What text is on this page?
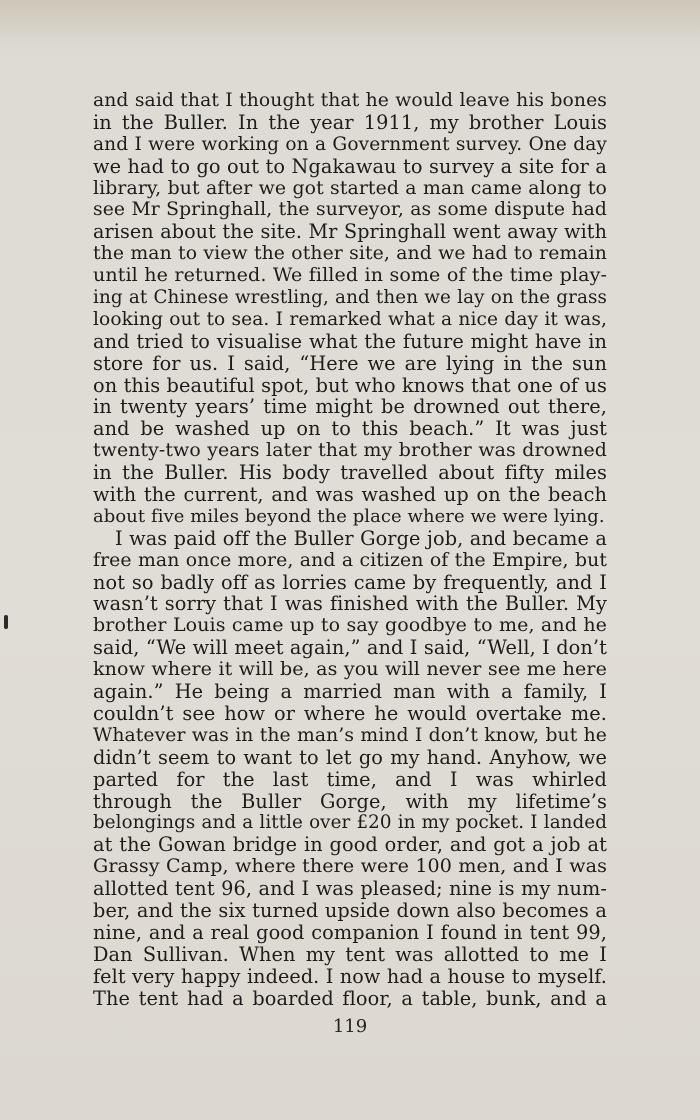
and said that I thought that he would leave his bones
in the Buller. In the year 1911, my brother Louis
and I were working on a Government survey. One day
we had to go out to Ngakawau to survey a site for a
library, but after we got started a man came along to
see Mr Springhall, the surveyor, as some dispute had
arisen about the site. Mr Springhall went away with
the man to view the other site, and we had to remain
until he returned. We filled in some of the time play-
ing at Chinese wrestling, and then we lay on the grass
looking out to sea. I remarked what a nice day it was,
and tried to visualise what the future might have in
store for us. I said, “Here we are lying in the sun
on this beautiful spot, but who knows that one of us
in twenty years’ time might be drowned out there,
and be washed up on to this beach.” It was just
twenty-two years later that my brother was drowned
in the Buller. His body travelled about fifty miles
with the current, and was washed up on the beach
about five miles beyond the place where we were lying.
I was paid off the Buller Gorge job, and became a
free man once more, and a citizen of the Empire, but
not so badly off as lorries came by frequently, and I
wasn’t sorry that I was finished with the Buller. My
brother Louis came up to say goodbye to me, and he
said, “We will meet again,” and I said, “Well, I don’t
know where it will be, as you will never see me here
again.” He being a married man with a family, I
couldn’t see how or where he would overtake me.
Whatever was in the man’s mind I don’t know, but he
didn’t seem to want to let go my hand. Anyhow, we
parted for the last time, and I was whirled
through the Buller Gorge, with my lifetime’s
belongings and a little over £20 in my pocket. I landed
at the Gowan bridge in good order, and got a job at
Grassy Camp, where there were 100 men, and I was
allotted tent 96, and I was pleased; nine is my num-
ber, and the six turned upside down also becomes a
nine, and a real good companion I found in tent 99,
Dan Sullivan. When my tent was allotted to me I
felt very happy indeed. I now had a house to myself.
The tent had a boarded floor, a table, bunk, and a
119
